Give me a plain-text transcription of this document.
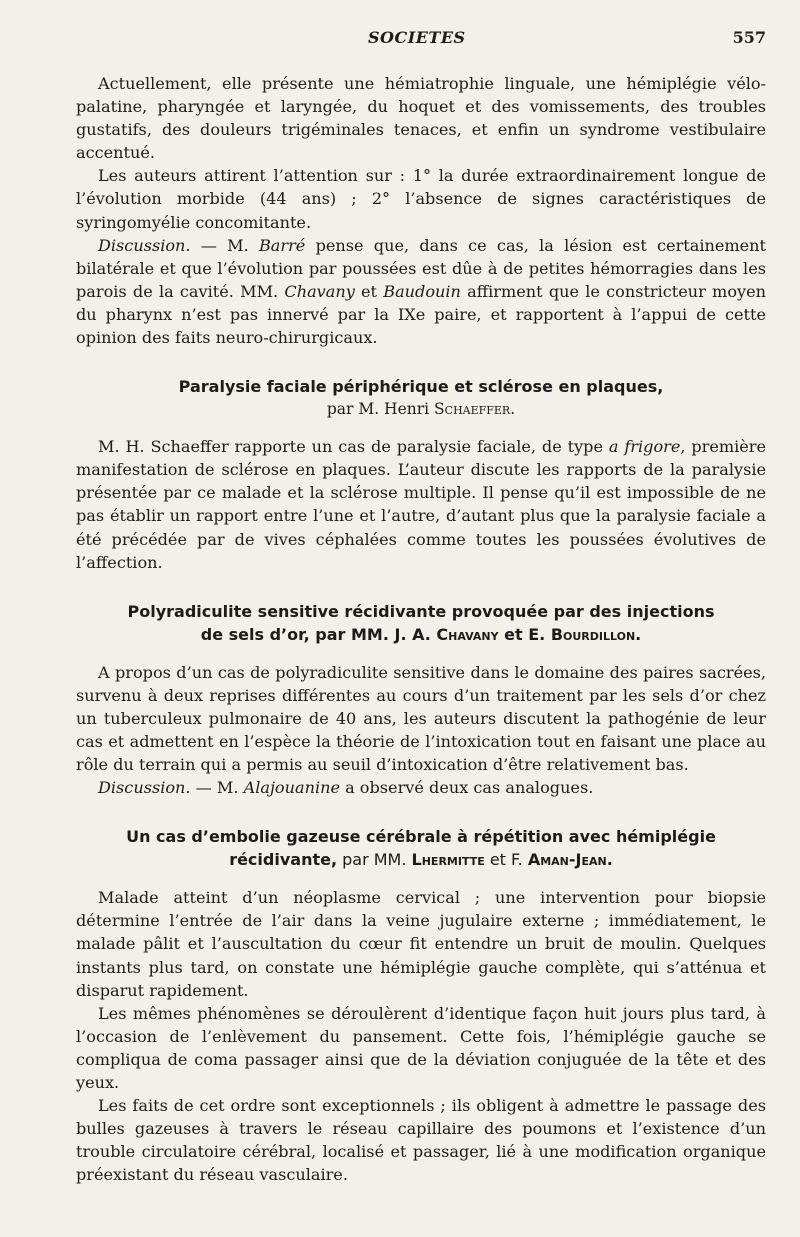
SOCIETES	557

Actuellement, elle présente une hémiatrophie linguale, une hémiplégie vélo-palatine, pharyngée et laryngée, du hoquet et des vomissements, des troubles gustatifs, des douleurs trigéminales tenaces, et enfin un syndrome vestibulaire accentué.

Les auteurs attirent l’attention sur : 1° la durée extraordinairement longue de l’évolution morbide (44 ans) ; 2° l’absence de signes caractéristiques de syringomyélie concomitante.

Discussion. — M. Barré pense que, dans ce cas, la lésion est certainement bilatérale et que l’évolution par poussées est dûe à de petites hémorragies dans les parois de la cavité. MM. Chavany et Baudouin affirment que le constricteur moyen du pharynx n’est pas innervé par la IXe paire, et rapportent à l’appui de cette opinion des faits neuro-chirurgicaux.

Paralysie faciale périphérique et sclérose en plaques,
par M. Henri Schaeffer.

M. H. Schaeffer rapporte un cas de paralysie faciale, de type a frigore, première manifestation de sclérose en plaques. L’auteur discute les rapports de la paralysie présentée par ce malade et la sclérose multiple. Il pense qu’il est impossible de ne pas établir un rapport entre l’une et l’autre, d’autant plus que la paralysie faciale a été précédée par de vives céphalées comme toutes les poussées évolutives de l’affection.

Polyradiculite sensitive récidivante provoquée par des injections
de sels d’or, par MM. J. A. Chavany et E. Bourdillon.

A propos d’un cas de polyradiculite sensitive dans le domaine des paires sacrées, survenu à deux reprises différentes au cours d’un traitement par les sels d’or chez un tuberculeux pulmonaire de 40 ans, les auteurs discutent la pathogénie de leur cas et admettent en l’espèce la théorie de l’intoxication tout en faisant une place au rôle du terrain qui a permis au seuil d’intoxication d’être relativement bas.

Discussion. — M. Alajouanine a observé deux cas analogues.

Un cas d’embolie gazeuse cérébrale à répétition avec hémiplégie
récidivante, par MM. Lhermitte et F. Aman-Jean.

Malade atteint d’un néoplasme cervical ; une intervention pour biopsie détermine l’entrée de l’air dans la veine jugulaire externe ; immédiatement, le malade pâlit et l’auscultation du cœur fit entendre un bruit de moulin. Quelques instants plus tard, on constate une hémiplégie gauche complète, qui s’atténua et disparut rapidement.

Les mêmes phénomènes se déroulèrent d’identique façon huit jours plus tard, à l’occasion de l’enlèvement du pansement. Cette fois, l’hémiplégie gauche se compliqua de coma passager ainsi que de la déviation conjuguée de la tête et des yeux.

Les faits de cet ordre sont exceptionnels ; ils obligent à admettre le passage des bulles gazeuses à travers le réseau capillaire des poumons et l’existence d’un trouble circulatoire cérébral, localisé et passager, lié à une modification organique préexistant du réseau vasculaire.
